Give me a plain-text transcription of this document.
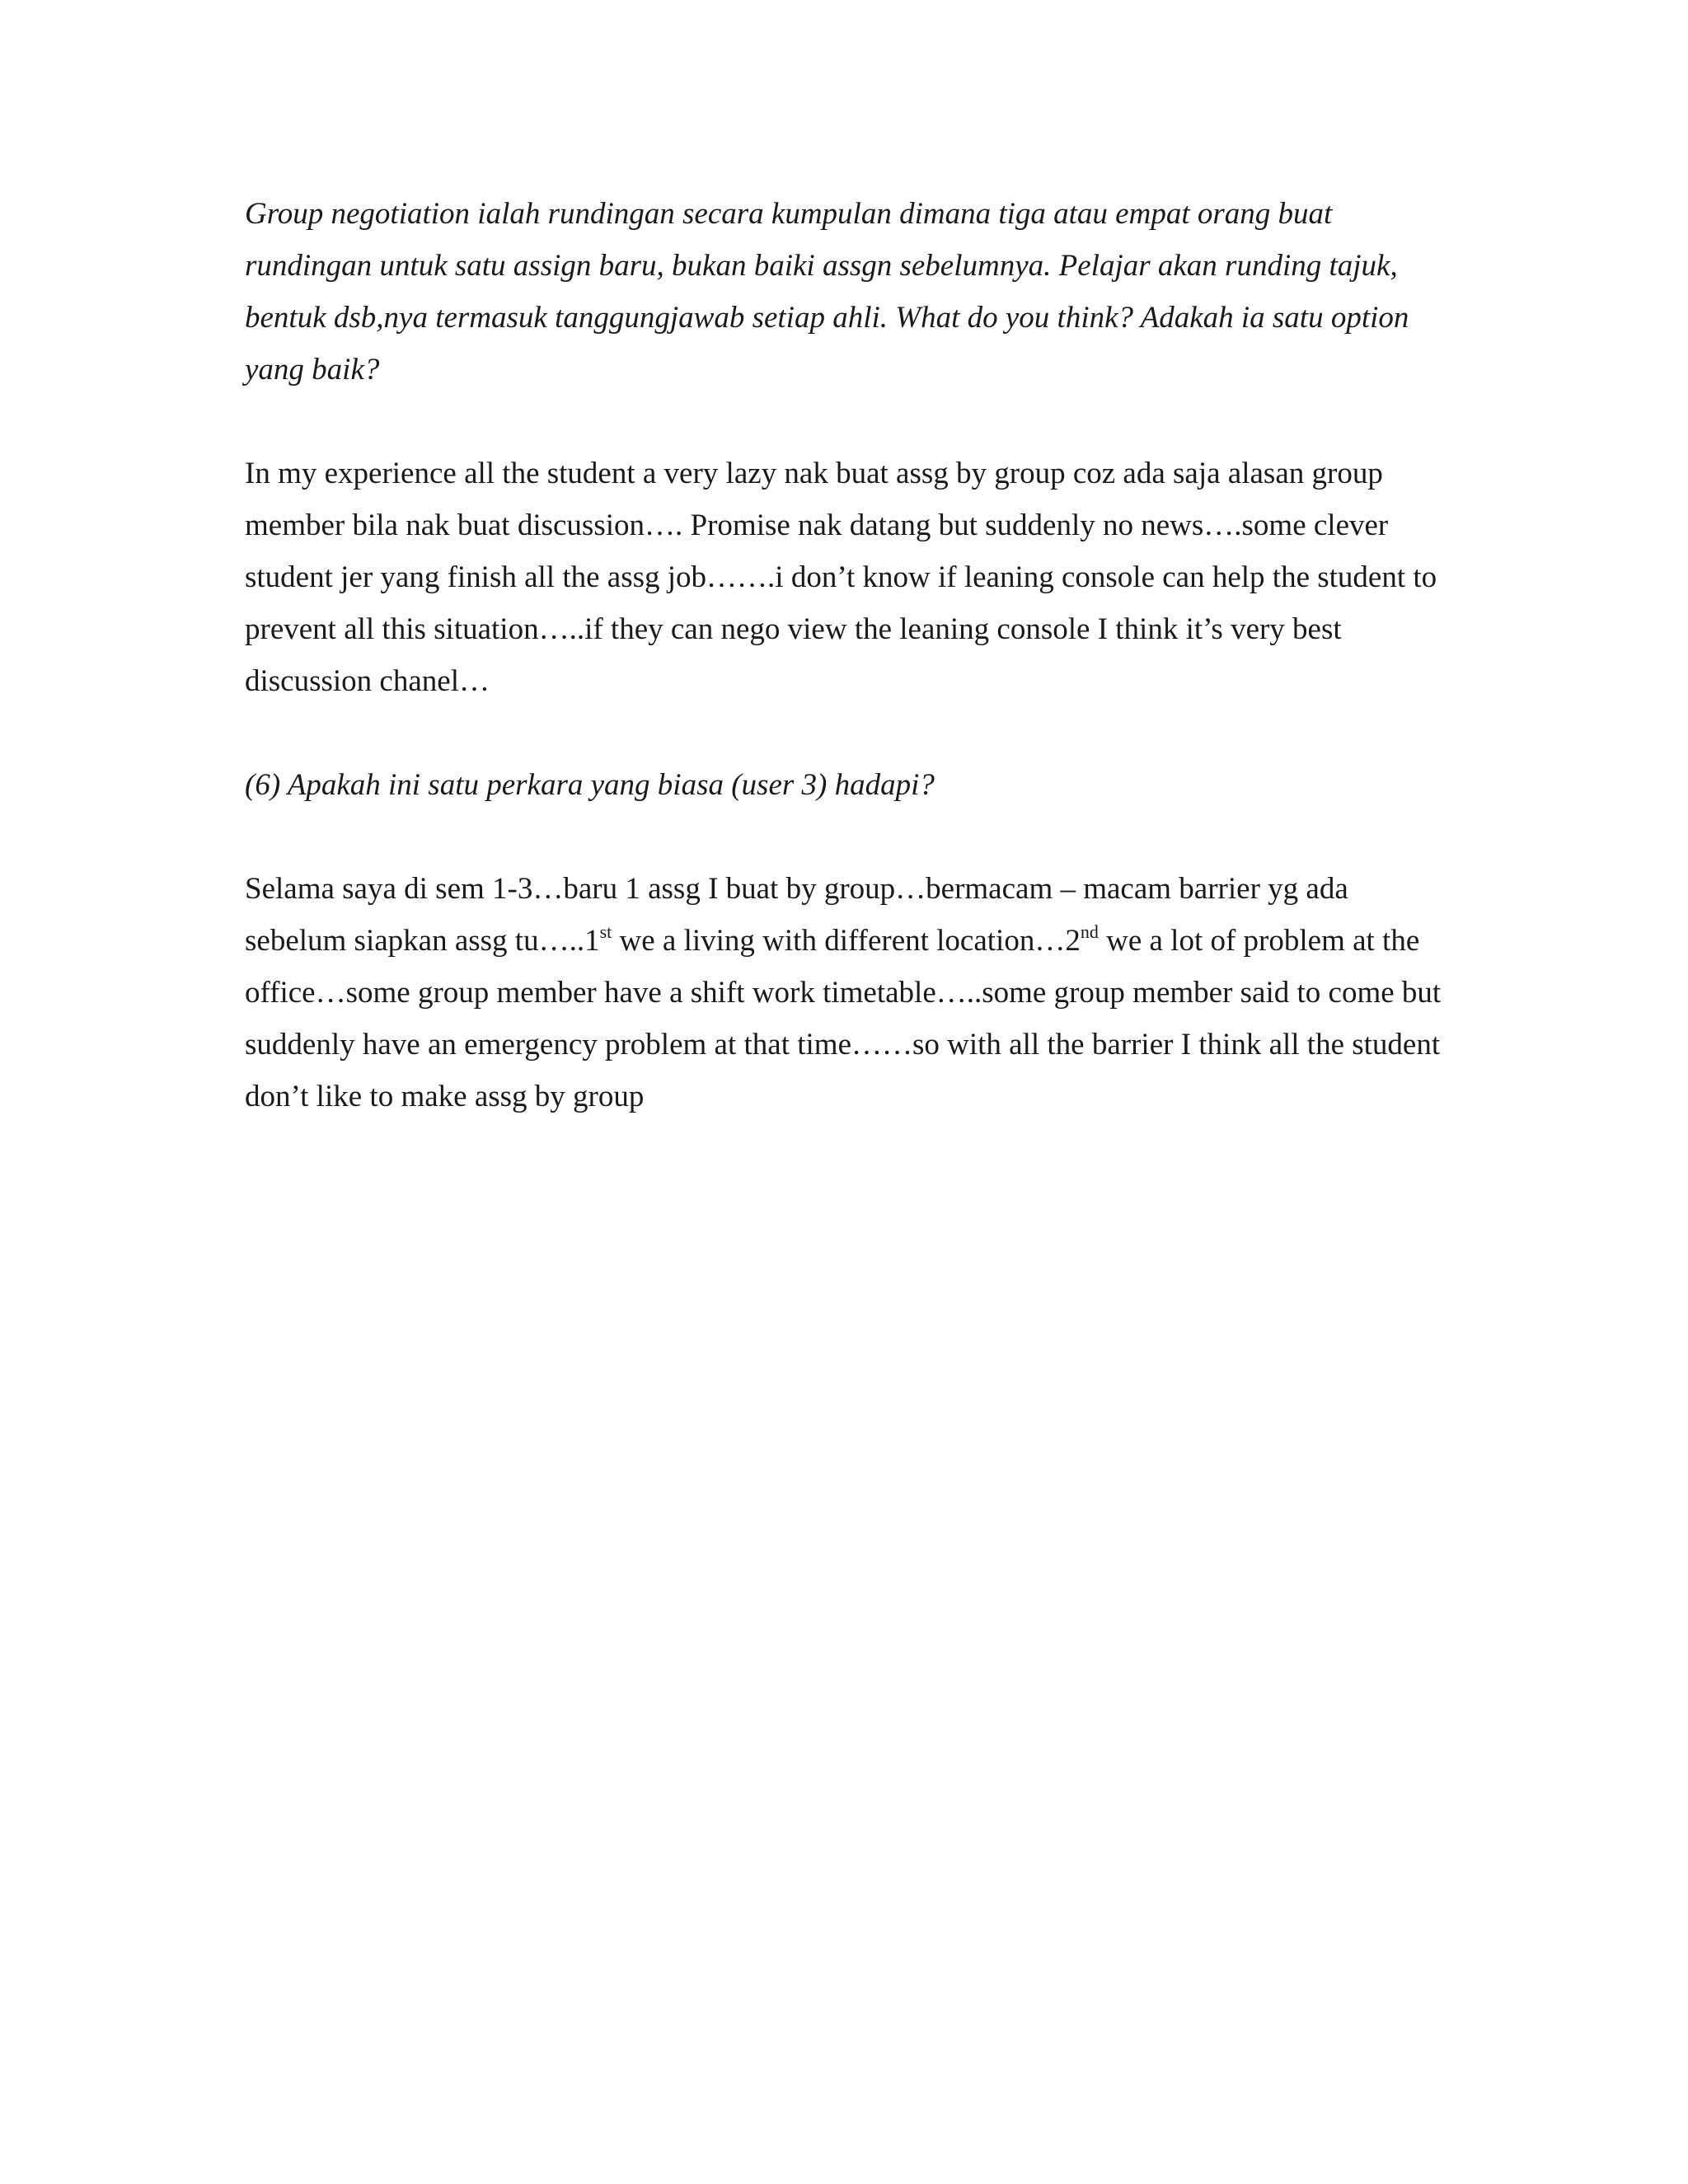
Group negotiation ialah rundingan secara kumpulan dimana tiga atau empat orang buat
rundingan untuk satu assign baru, bukan baiki assgn sebelumnya. Pelajar akan runding tajuk,
bentuk dsb,nya termasuk tanggungjawab setiap ahli. What do you think? Adakah ia satu option
yang baik?

In my experience all the student a very lazy nak buat assg by group coz ada saja alasan group
member bila nak buat discussion…. Promise nak datang but suddenly no news….some clever
student jer yang finish all the assg job…….i don’t know if leaning console can help the student to
prevent all this situation…..if they can nego view the leaning console I think it’s very best
discussion chanel…

(6) Apakah ini satu perkara yang biasa (user 3) hadapi?

Selama saya di sem 1-3…baru 1 assg I buat by group…bermacam – macam barrier yg ada
sebelum siapkan assg tu…..1st we a living with different location…2nd we a lot of problem at the
office…some group member have a shift work timetable…..some group member said to come but
suddenly have an emergency problem at that time……so with all the barrier I think all the student
don’t like to make assg by group
